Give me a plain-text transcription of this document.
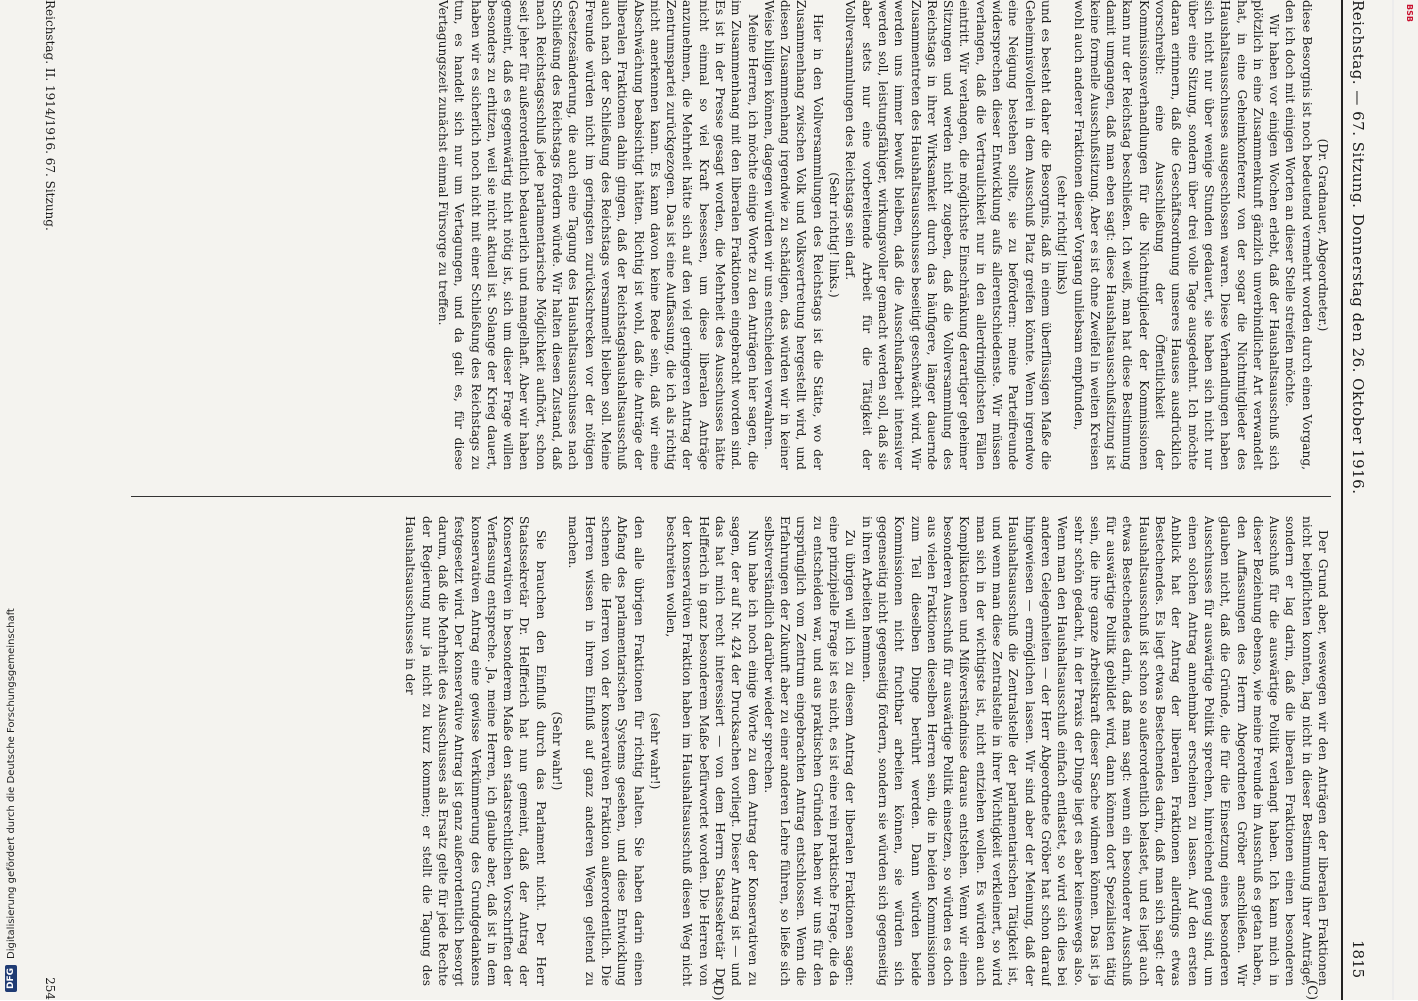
BSB
DFG
Digitalisierung gefördert durch die Deutsche Forschungsgemeinschaft
Reichstag. — 67. Sitzung. Donnerstag den 26. Oktober 1916.
1815
(C)
(D)

(Dr. Gradnauer, Abgeordneter.)

diese Besorgnis ist noch bedeutend vermehrt worden durch einen Vorgang, den ich doch mit einigen Worten an dieser Stelle streifen möchte.

Wir haben vor einigen Wochen erlebt, daß der Haushaltsausschuß sich plötzlich in eine Zusammenkunft gänzlich unverbindlicher Art verwandelt hat, in eine Geheimkonferenz von der sogar die Nichtmitglieder des Haushaltsausschusses ausgeschlossen waren. Diese Verhandlungen haben sich nicht nur über wenige Stunden gedauert, sie haben sich nicht nur über eine Sitzung, sondern über drei volle Tage ausgedehnt. Ich möchte daran erinnern, daß die Geschäftsordnung unseres Hauses ausdrücklich vorschreibt: eine Ausschließung der Öffentlichkeit der Kommissionsverhandlungen für die Nichtmitglieder der Kommissionen kann nur der Reichstag beschließen. Ich weiß, man hat diese Bestimmung damit umgangen, daß man eben sagt: diese Haushaltsausschußsitzung ist keine formelle Ausschußsitzung. Aber es ist ohne Zweifel in weiten Kreisen wohl auch anderer Fraktionen dieser Vorgang unliebsam empfunden,

(sehr richtig! links)

und es besteht daher die Besorgnis, daß in einem überflüssigen Maße die Geheimnisvollerei in dem Ausschuß Platz greifen könnte. Wenn irgendwo eine Neigung bestehen sollte, sie zu befördern: meine Parteifreunde widersprechen dieser Entwicklung aufs allerentschiedenste. Wir müssen verlangen, daß die Vertraulichkeit nur in den allerdringlichsten Fällen eintritt. Wir verlangen, die möglichste Einschränkung derartiger geheimer Sitzungen und werden nicht zugeben, daß die Vollversammlung des Reichstags in ihrer Wirksamkeit durch das häufigere, länger dauernde Zusammentreten des Haushaltsausschusses beseitigt geschwächt wird. Wir werden uns immer bewußt bleiben, daß die Ausschußarbeit intensiver werden soll, leistungsfähiger, wirkungsvoller gemacht werden soll, daß sie aber stets nur eine vorbereitende Arbeit für die Tätigkeit der Vollversammlungen des Reichstags sein darf.

(Sehr richtig! links.)

Hier in den Vollversammlungen des Reichstags ist die Stätte, wo der Zusammenhang zwischen Volk und Volksvertretung hergestellt wird, und diesen Zusammenhang irgendwie zu schädigen, das würden wir in keiner Weise billigen können, dagegen würden wir uns entschieden verwahren.

Meine Herren, ich möchte einige Worte zu den Anträgen hier sagen, die im Zusammenhang mit den liberalen Fraktionen eingebracht worden sind. Es ist in der Presse gesagt worden, die Mehrheit des Ausschusses hätte nicht einmal so viel Kraft besessen, um diese liberalen Anträge anzunehmen, die Mehrheit hätte sich auf den viel geringeren Antrag der Zentrumspartei zurückgezogen. Das ist eine Auffassung, die ich als richtig nicht anerkennen kann. Es kann davon keine Rede sein, daß wir eine Abschwächung beabsichtigt hätten. Richtig ist wohl, daß die Anträge der liberalen Fraktionen dahin gingen, daß der Reichstagshaushaltsausschuß auch nach der Schließung des Reichstags versammelt bleiben soll. Meine Freunde würden nicht im geringsten zurückschrecken vor der nötigen Gesetzesänderung, die auch eine Tagung des Haushaltsausschusses nach Schließung des Reichstags fördern würde. Wir halten diesen Zustand, daß nach Reichstagsschluß jede parlamentarische Möglichkeit aufhört, schon seit jeher für außerordentlich bedauerlich und mangelhaft. Aber wir haben gemeint, daß es gegenwärtig nicht nötig ist, sich um dieser Frage willen besonders zu erhitzen, weil sie nicht aktuell ist. Solange der Krieg dauert, haben wir es sicherlich noch nicht mit einer Schließung des Reichstags zu tun, es handelt sich nur um Vertagungen, und da galt es, für diese Vertagungszeit zunächst einmal Fürsorge zu treffen.

Der Grund aber, weswegen wir den Anträgen der liberalen Fraktionen nicht beipflichten konnten, lag nicht in dieser Bestimmung ihrer Anträge, sondern er lag darin, daß die liberalen Fraktionen einen besonderen Ausschuß für die auswärtige Politik verlangt haben. Ich kann mich in dieser Beziehung ebenso, wie meine Freunde im Ausschuß es getan haben, den Auffassungen des Herrn Abgeordneten Gröber anschließen. Wir glauben nicht, daß die Gründe, die für die Einsetzung eines besonderen Ausschusses für auswärtige Politik sprechen, hinreichend genug sind, um einen solchen Antrag annehmbar erscheinen zu lassen. Auf den ersten Anblick hat der Antrag der liberalen Fraktionen allerdings etwas Bestechendes. Es liegt etwas Bestechendes darin, daß man sich sagt: der Haushaltsausschuß ist schon so außerordentlich belastet, und es liegt auch etwas Bestechendes darin, daß man sagt: wenn ein besonderer Ausschuß für auswärtige Politik gebildet wird, dann können dort Spezialisten tätig sein, die ihre ganze Arbeitskraft dieser Sache widmen können. Das ist ja sehr schön gedacht, in der Praxis der Dinge liegt es aber keineswegs also. Wenn man den Haushaltsausschuß einfach entlastet, so wird sich dies bei anderen Gelegenheiten — der Herr Abgeordnete Gröber hat schon darauf hingewiesen — ermöglichen lassen. Wir sind aber der Meinung, daß der Haushaltsausschuß die Zentralstelle der parlamentarischen Tätigkeit ist, und wenn man diese Zentralstelle in ihrer Wichtigkeit verkleinert, so wird man sich in der wichtigste ist, nicht entziehen wollen. Es würden auch Komplikationen und Mißverständnisse daraus entstehen. Wenn wir einen besonderen Ausschuß für auswärtige Politik einsetzen, so würden es doch aus vielen Fraktionen dieselben Herren sein, die in beiden Kommissionen zum Teil dieselben Dinge berührt werden. Dann würden beide Kommissionen nicht fruchtbar arbeiten können, sie würden sich gegenseitig nicht gegenseitig fördern, sondern sie würden sich gegenseitig in ihren Arbeiten hemmen.

Zu übrigen will ich zu diesem Antrag der liberalen Fraktionen sagen: eine prinzipielle Frage ist es nicht, es ist eine rein praktische Frage, die da zu entscheiden war, und aus praktischen Gründen haben wir uns für den ursprünglich vom Zentrum eingebrachten Antrag entschlossen. Wenn die Erfahrungen der Zukunft aber zu einer anderen Lehre führen, so ließe sich selbstverständlich darüber wieder sprechen.

Nun habe ich noch einige Worte zu dem Antrag der Konservativen zu sagen, der auf Nr. 424 der Drucksachen vorliegt. Dieser Antrag ist — und das hat mich recht interessiert — von dem Herrn Staatssekretär Dr. Helfferich in ganz besonderem Maße befürwortet worden. Die Herren von der konservativen Fraktion haben im Haushaltsausschuß diesen Weg nicht beschreiten wollen,

(sehr wahr!)

den alle übrigen Fraktionen für richtig halten. Sie haben darin einen Abfang des parlamentarischen Systems gesehen, und diese Entwicklung schenen die Herren von der konservativen Fraktion außerordentlich. Die Herren wissen in ihrem Einfluß auf ganz anderen Wegen geltend zu machen.

(Sehr wahr!)

Sie brauchen den Einfluß durch das Parlament nicht. Der Herr Staatssekretär Dr. Helfferich hat nun gemeint, daß der Antrag der Konservativen in besonderem Maße den staatsrechtlichen Vorschriften der Verfassung entspreche. Ja, meine Herren, ich glaube aber, daß ist in dem konservativen Antrag eine gewisse Verkümmerung des Grundgedankens festgesetzt wird. Der konservative Antrag ist ganz außerordentlich besorgt darum, daß die Mehrheit des Ausschusses als Ersatz gelte für jede Rechte der Regierung nur ja nicht zu kurz kommen; er stellt die Tagung des Haushaltsausschusses in der

Reichstag. II. 1914/1916. 67. Sitzung.
254
